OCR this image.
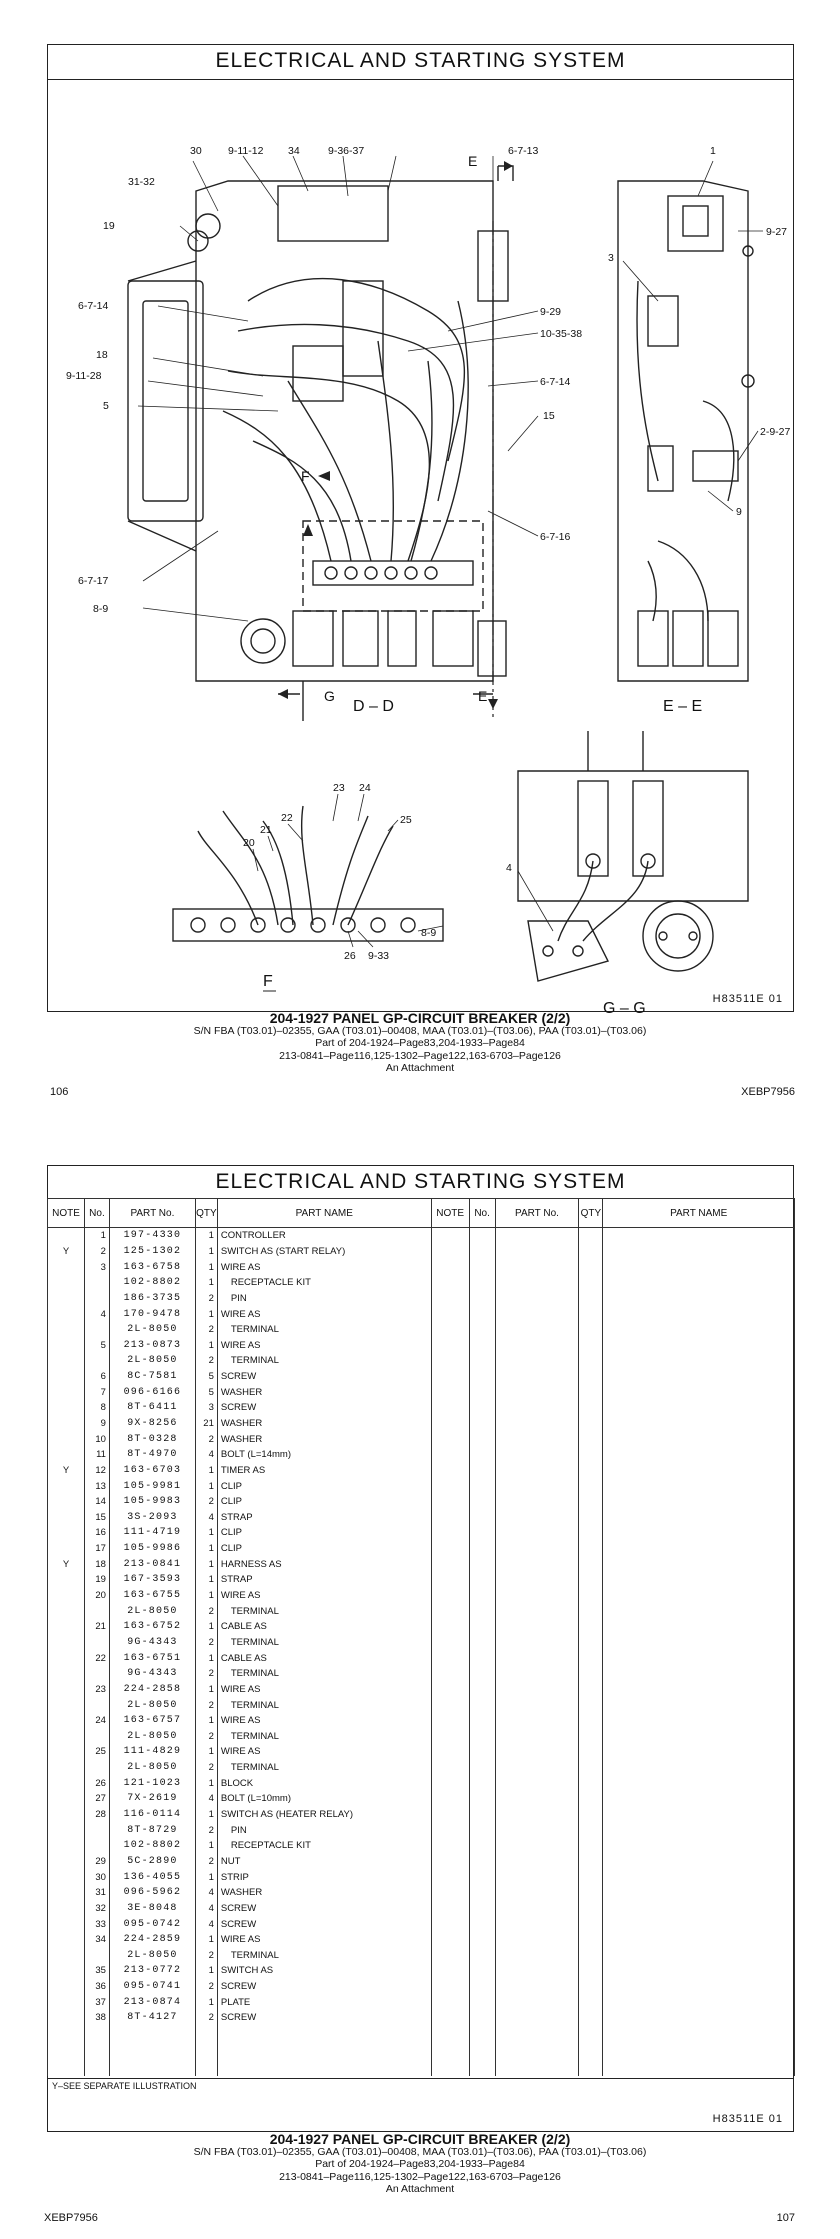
ELECTRICAL AND STARTING SYSTEM
30	9-11-12 34	9-36-37	6-7-13
31-32
19
6-7-14
18
9-11-28
5
9-29
10-35-38
6-7-14
15
6-7-16
6-7-17
8-9
1
9-27
3
2-9-27
9
23 24
22	25
21
20
8-9
26 9-33
4
D – D	E – E
F
G – G
E
E
G
F
H83511E 01
204-1927 PANEL GP-CIRCUIT BREAKER (2/2)
S/N FBA (T03.01)–02355, GAA (T03.01)–00408, MAA (T03.01)–(T03.06), PAA (T03.01)–(T03.06)
Part of 204-1924–Page83,204-1933–Page84
213-0841–Page116,125-1302–Page122,163-6703–Page126
An Attachment
106	XEBP7956
ELECTRICAL AND STARTING SYSTEM
Y–SEE SEPARATE ILLUSTRATION
H83511E 01
NOTE	No.	PART No.	QTY	PART NAME	NOTE	No.	PART No.	QTY	PART NAME
	1	197-4330	1	CONTROLLER					
Y	2	125-1302	1	SWITCH AS (START RELAY)					
	3	163-6758	1	WIRE AS					
		102-8802	1	RECEPTACLE KIT					
		186-3735	2	PIN					
	4	170-9478	1	WIRE AS					
		2L-8050	2	TERMINAL					
	5	213-0873	1	WIRE AS					
		2L-8050	2	TERMINAL					
	6	8C-7581	5	SCREW					
	7	096-6166	5	WASHER					
	8	8T-6411	3	SCREW					
	9	9X-8256	21	WASHER					
	10	8T-0328	2	WASHER					
	11	8T-4970	4	BOLT (L=14mm)					
Y	12	163-6703	1	TIMER AS					
	13	105-9981	1	CLIP					
	14	105-9983	2	CLIP					
	15	3S-2093	4	STRAP					
	16	111-4719	1	CLIP					
	17	105-9986	1	CLIP					
Y	18	213-0841	1	HARNESS AS					
	19	167-3593	1	STRAP					
	20	163-6755	1	WIRE AS					
		2L-8050	2	TERMINAL					
	21	163-6752	1	CABLE AS					
		9G-4343	2	TERMINAL					
	22	163-6751	1	CABLE AS					
		9G-4343	2	TERMINAL					
	23	224-2858	1	WIRE AS					
		2L-8050	2	TERMINAL					
	24	163-6757	1	WIRE AS					
		2L-8050	2	TERMINAL					
	25	111-4829	1	WIRE AS					
		2L-8050	2	TERMINAL					
	26	121-1023	1	BLOCK					
	27	7X-2619	4	BOLT (L=10mm)					
	28	116-0114	1	SWITCH AS (HEATER RELAY)					
		8T-8729	2	PIN					
		102-8802	1	RECEPTACLE KIT					
	29	5C-2890	2	NUT					
	30	136-4055	1	STRIP					
	31	096-5962	4	WASHER					
	32	3E-8048	4	SCREW					
	33	095-0742	4	SCREW					
	34	224-2859	1	WIRE AS					
		2L-8050	2	TERMINAL					
	35	213-0772	1	SWITCH AS					
	36	095-0741	2	SCREW					
	37	213-0874	1	PLATE					
	38	8T-4127	2	SCREW					

204-1927 PANEL GP-CIRCUIT BREAKER (2/2)
S/N FBA (T03.01)–02355, GAA (T03.01)–00408, MAA (T03.01)–(T03.06), PAA (T03.01)–(T03.06)
Part of 204-1924–Page83,204-1933–Page84
213-0841–Page116,125-1302–Page122,163-6703–Page126
An Attachment
XEBP7956	107
